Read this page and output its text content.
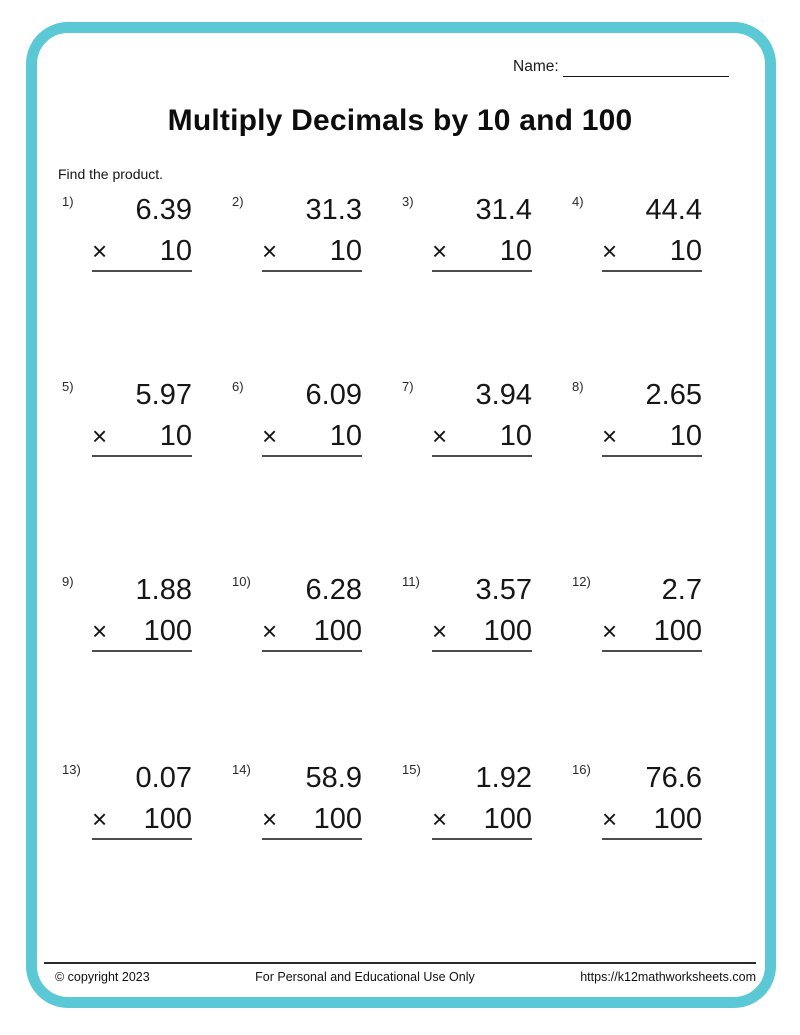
Name:
Multiply Decimals by 10 and 100
Find the product.
1)	6.39
× 10
2)	31.3
× 10
3)	31.4
× 10
4)	44.4
× 10
5)	5.97
× 10
6)	6.09
× 10
7)	3.94
× 10
8)	2.65
× 10
9)	1.88
× 100
10)	6.28
× 100
11)	3.57
× 100
12)	2.7
× 100
13)	0.07
× 100
14)	58.9
× 100
15)	1.92
× 100
16)	76.6
× 100
© copyright 2023	For Personal and Educational Use Only	https://k12mathworksheets.com
